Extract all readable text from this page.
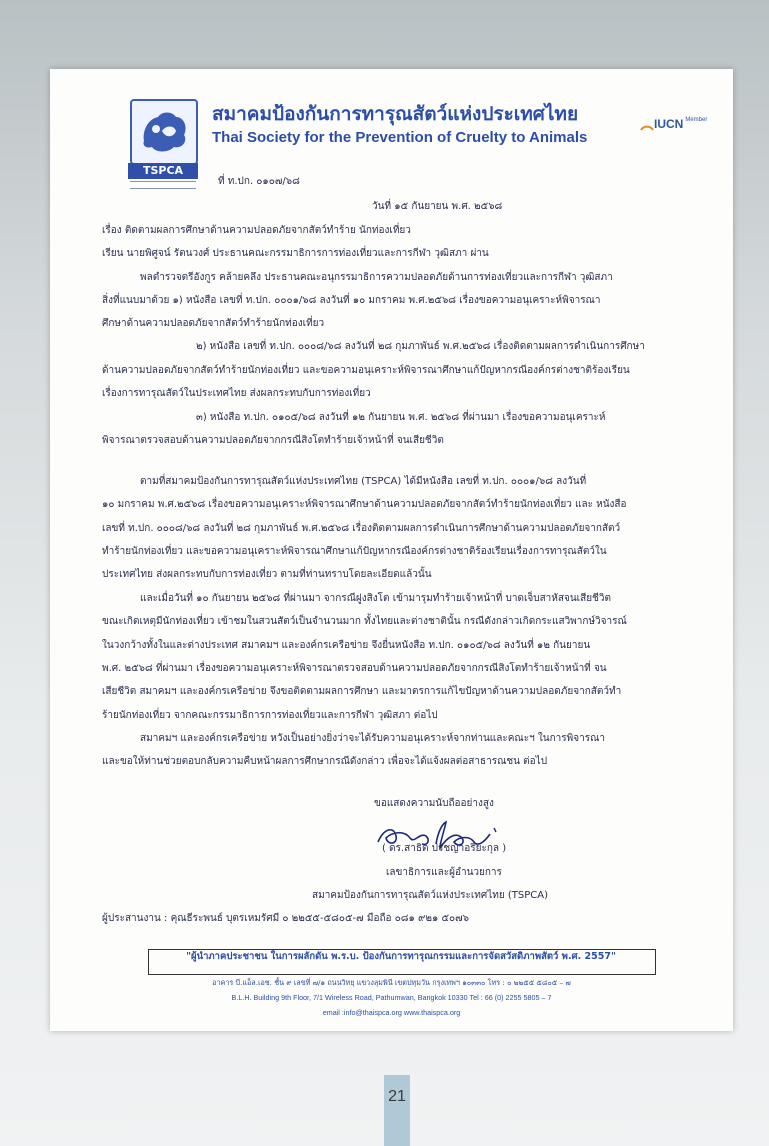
TSPCA
สมาคมป้องกันการทารุณสัตว์แห่งประเทศไทย
Thai Society for the Prevention of Cruelty to Animals
IUCN $^{Member}$
ที่ ท.ปก. ๐๑๐๗/๖๘
วันที่ ๑๕ กันยายน พ.ศ. ๒๕๖๘
เรื่อง ติดตามผลการศึกษาด้านความปลอดภัยจากสัตว์ทำร้าย นักท่องเที่ยว
เรียน นายพิศูจน์ รัตนวงศ์ ประธานคณะกรรมาธิการการท่องเที่ยวและการกีฬา วุฒิสภา ผ่าน
พลตำรวจตรีอังกูร คล้ายคลึง ประธานคณะอนุกรรมาธิการความปลอดภัยด้านการท่องเที่ยวและการกีฬา วุฒิสภา
สิ่งที่แนบมาด้วย ๑) หนังสือ เลขที่ ท.ปก. ๐๐๐๑/๖๘ ลงวันที่ ๑๐ มกราคม พ.ศ.๒๕๖๘ เรื่องขอความอนุเคราะห์พิจารณา
ศึกษาด้านความปลอดภัยจากสัตว์ทำร้ายนักท่องเที่ยว
๒) หนังสือ เลขที่ ท.ปก. ๐๐๐๘/๖๘ ลงวันที่ ๒๘ กุมภาพันธ์ พ.ศ.๒๕๖๘ เรื่องติดตามผลการดำเนินการศึกษา
ด้านความปลอดภัยจากสัตว์ทำร้ายนักท่องเที่ยว และขอความอนุเคราะห์พิจารณาศึกษาแก้ปัญหากรณีองค์กรต่างชาติร้องเรียน
เรื่องการทารุณสัตว์ในประเทศไทย ส่งผลกระทบกับการท่องเที่ยว
๓) หนังสือ ท.ปก. ๐๑๐๕/๖๘ ลงวันที่ ๑๒ กันยายน พ.ศ. ๒๕๖๘ ที่ผ่านมา เรื่องขอความอนุเคราะห์
พิจารณาตรวจสอบด้านความปลอดภัยจากกรณีสิงโตทำร้ายเจ้าหน้าที่ จนเสียชีวิต
ตามที่สมาคมป้องกันการทารุณสัตว์แห่งประเทศไทย (TSPCA) ได้มีหนังสือ เลขที่ ท.ปก. ๐๐๐๑/๖๘ ลงวันที่
๑๐ มกราคม พ.ศ.๒๕๖๘ เรื่องขอความอนุเคราะห์พิจารณาศึกษาด้านความปลอดภัยจากสัตว์ทำร้ายนักท่องเที่ยว และ หนังสือ
เลขที่ ท.ปก. ๐๐๐๘/๖๘ ลงวันที่ ๒๘ กุมภาพันธ์ พ.ศ.๒๕๖๘ เรื่องติดตามผลการดำเนินการศึกษาด้านความปลอดภัยจากสัตว์
ทำร้ายนักท่องเที่ยว และขอความอนุเคราะห์พิจารณาศึกษาแก้ปัญหากรณีองค์กรต่างชาติร้องเรียนเรื่องการทารุณสัตว์ใน
ประเทศไทย ส่งผลกระทบกับการท่องเที่ยว ตามที่ท่านทราบโดยละเอียดแล้วนั้น
และเมื่อวันที่ ๑๐ กันยายน ๒๕๖๘ ที่ผ่านมา จากรณีฝูงสิงโต เข้ามารุมทำร้ายเจ้าหน้าที่ บาดเจ็บสาหัสจนเสียชีวิต
ขณะเกิดเหตุมีนักท่องเที่ยว เข้าชมในสวนสัตว์เป็นจำนวนมาก ทั้งไทยและต่างชาตินั้น กรณีดังกล่าวเกิดกระแสวิพากษ์วิจารณ์
ในวงกว้างทั้งในและต่างประเทศ สมาคมฯ และองค์กรเครือข่าย จึงยื่นหนังสือ ท.ปก. ๐๑๐๕/๖๘ ลงวันที่ ๑๒ กันยายน
พ.ศ. ๒๕๖๘ ที่ผ่านมา เรื่องขอความอนุเคราะห์พิจารณาตรวจสอบด้านความปลอดภัยจากกรณีสิงโตทำร้ายเจ้าหน้าที่ จน
เสียชีวิต สมาคมฯ และองค์กรเครือข่าย จึงขอติดตามผลการศึกษา และมาตรการแก้ไขปัญหาด้านความปลอดภัยจากสัตว์ทำ
ร้ายนักท่องเที่ยว จากคณะกรรมาธิการการท่องเที่ยวและการกีฬา วุฒิสภา ต่อไป
สมาคมฯ และองค์กรเครือข่าย หวังเป็นอย่างยิ่งว่าจะได้รับความอนุเคราะห์จากท่านและคณะฯ ในการพิจารณา
และขอให้ท่านช่วยตอบกลับความคืบหน้าผลการศึกษากรณีดังกล่าว เพื่อจะได้แจ้งผลต่อสาธารณชน ต่อไป
ขอแสดงความนับถืออย่างสูง
( ดร.สาธิต ปรัชญาอริยะกุล )
เลขาธิการและผู้อำนวยการ
สมาคมป้องกันการทารุณสัตว์แห่งประเทศไทย (TSPCA)
ผู้ประสานงาน : คุณธีระพนธ์ บุตรเหมรัศมี ๐ ๒๒๕๕-๕๘๐๕-๗ มือถือ ๐๘๑ ๙๒๑ ๕๐๗๖
"ผู้นำภาคประชาชน ในการผลักดัน พ.ร.บ. ป้องกันการทารุณกรรมและการจัดสวัสดิภาพสัตว์ พ.ศ. 2557"
อาคาร บี.แอ็ล.เอช. ชั้น ๙ เลขที่ ๗/๑ ถนนวิทยุ แขวงลุมพินี เขตปทุมวัน กรุงเทพฯ ๑๐๓๓๐ โทร : ๐ ๒๒๕๕ ๕๘๐๕ – ๗
B.L.H. Building 9th Floor, 7/1 Wireless Road, Pathumwan, Bangkok 10330 Tel : 66 (0) 2255 5805 – 7
email :info@thaispca.org www.thaispca.org
21
